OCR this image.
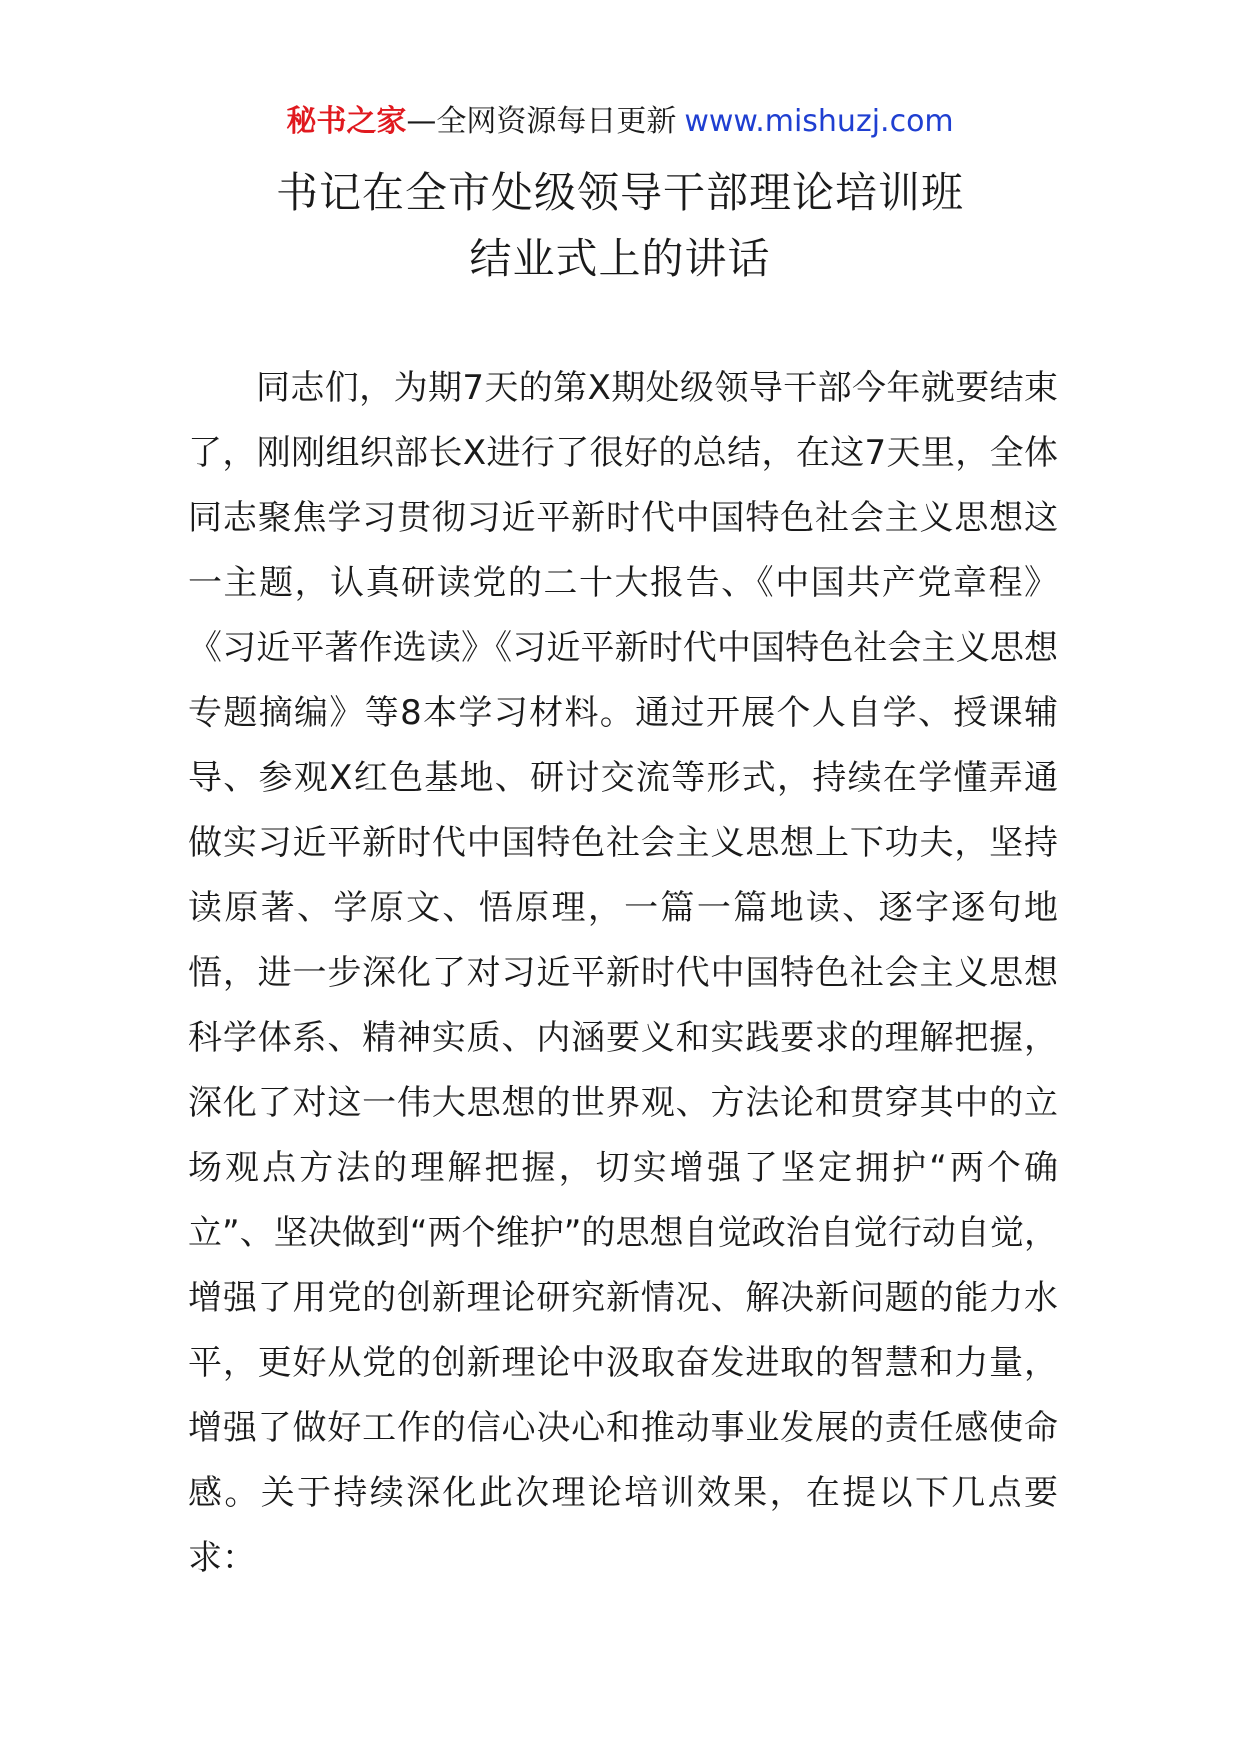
秘书之家—全网资源每日更新 www.mishuzj.com
书记在全市处级领导干部理论培训班
结业式上的讲话

同志们，为期7天的第X期处级领导干部今年就要结束了，刚刚组织部长X进行了很好的总结，在这7天里，全体同志聚焦学习贯彻习近平新时代中国特色社会主义思想这一主题，认真研读党的二十大报告、《中国共产党章程》《习近平著作选读》《习近平新时代中国特色社会主义思想专题摘编》等8本学习材料。通过开展个人自学、授课辅导、参观X红色基地、研讨交流等形式，持续在学懂弄通做实习近平新时代中国特色社会主义思想上下功夫，坚持读原著、学原文、悟原理，一篇一篇地读、逐字逐句地悟，进一步深化了对习近平新时代中国特色社会主义思想科学体系、精神实质、内涵要义和实践要求的理解把握，深化了对这一伟大思想的世界观、方法论和贯穿其中的立场观点方法的理解把握，切实增强了坚定拥护“两个确立”、坚决做到“两个维护”的思想自觉政治自觉行动自觉，增强了用党的创新理论研究新情况、解决新问题的能力水平，更好从党的创新理论中汲取奋发进取的智慧和力量，增强了做好工作的信心决心和推动事业发展的责任感使命感。关于持续深化此次理论培训效果，在提以下几点要求：
